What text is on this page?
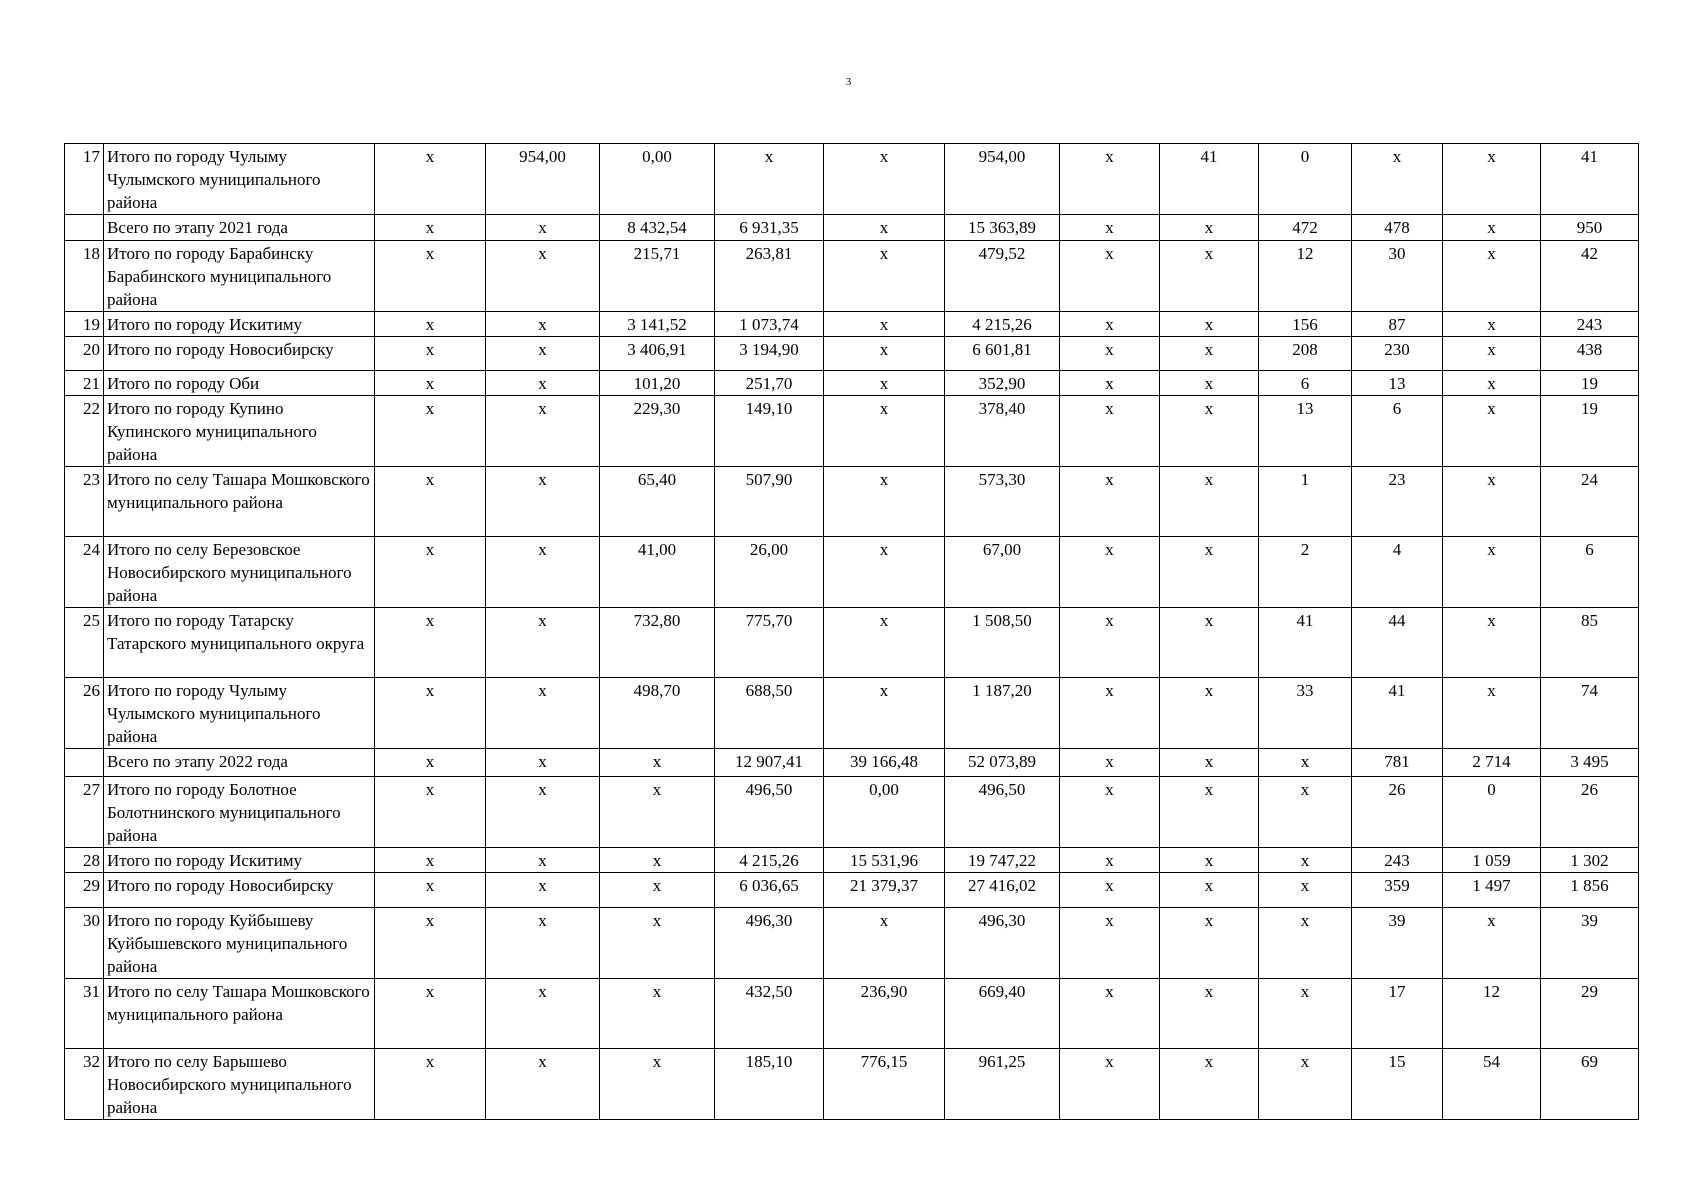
3
17	Итого по городу Чулыму Чулымского муниципального района	х	954,00	0,00	х	х	954,00	х	41	0	х	х	41
	Всего по этапу 2021 года	х	х	8 432,54	6 931,35	х	15 363,89	х	х	472	478	х	950
18	Итого по городу Барабинску Барабинского муниципального района	х	х	215,71	263,81	х	479,52	х	х	12	30	х	42
19	Итого по городу Искитиму	х	х	3 141,52	1 073,74	х	4 215,26	х	х	156	87	х	243
20	Итого по городу Новосибирску	х	х	3 406,91	3 194,90	х	6 601,81	х	х	208	230	х	438
21	Итого по городу Оби	х	х	101,20	251,70	х	352,90	х	х	6	13	х	19
22	Итого по городу Купино Купинского муниципального района	х	х	229,30	149,10	х	378,40	х	х	13	6	х	19
23	Итого по селу Ташара Мошковского муниципального района	х	х	65,40	507,90	х	573,30	х	х	1	23	х	24
24	Итого по селу Березовское Новосибирского муниципального района	х	х	41,00	26,00	х	67,00	х	х	2	4	х	6
25	Итого по городу Татарску Татарского муниципального округа	х	х	732,80	775,70	х	1 508,50	х	х	41	44	х	85
26	Итого по городу Чулыму Чулымского муниципального района	х	х	498,70	688,50	х	1 187,20	х	х	33	41	х	74
	Всего по этапу 2022 года	х	х	х	12 907,41	39 166,48	52 073,89	х	х	х	781	2 714	3 495
27	Итого по городу Болотное Болотнинского муниципального района	х	х	х	496,50	0,00	496,50	х	х	х	26	0	26
28	Итого по городу Искитиму	х	х	х	4 215,26	15 531,96	19 747,22	х	х	х	243	1 059	1 302
29	Итого по городу Новосибирску	х	х	х	6 036,65	21 379,37	27 416,02	х	х	х	359	1 497	1 856
30	Итого по городу Куйбышеву Куйбышевского муниципального района	х	х	х	496,30	х	496,30	х	х	х	39	х	39
31	Итого по селу Ташара Мошковского муниципального района	х	х	х	432,50	236,90	669,40	х	х	х	17	12	29
32	Итого по селу Барышево Новосибирского муниципального района	х	х	х	185,10	776,15	961,25	х	х	х	15	54	69
